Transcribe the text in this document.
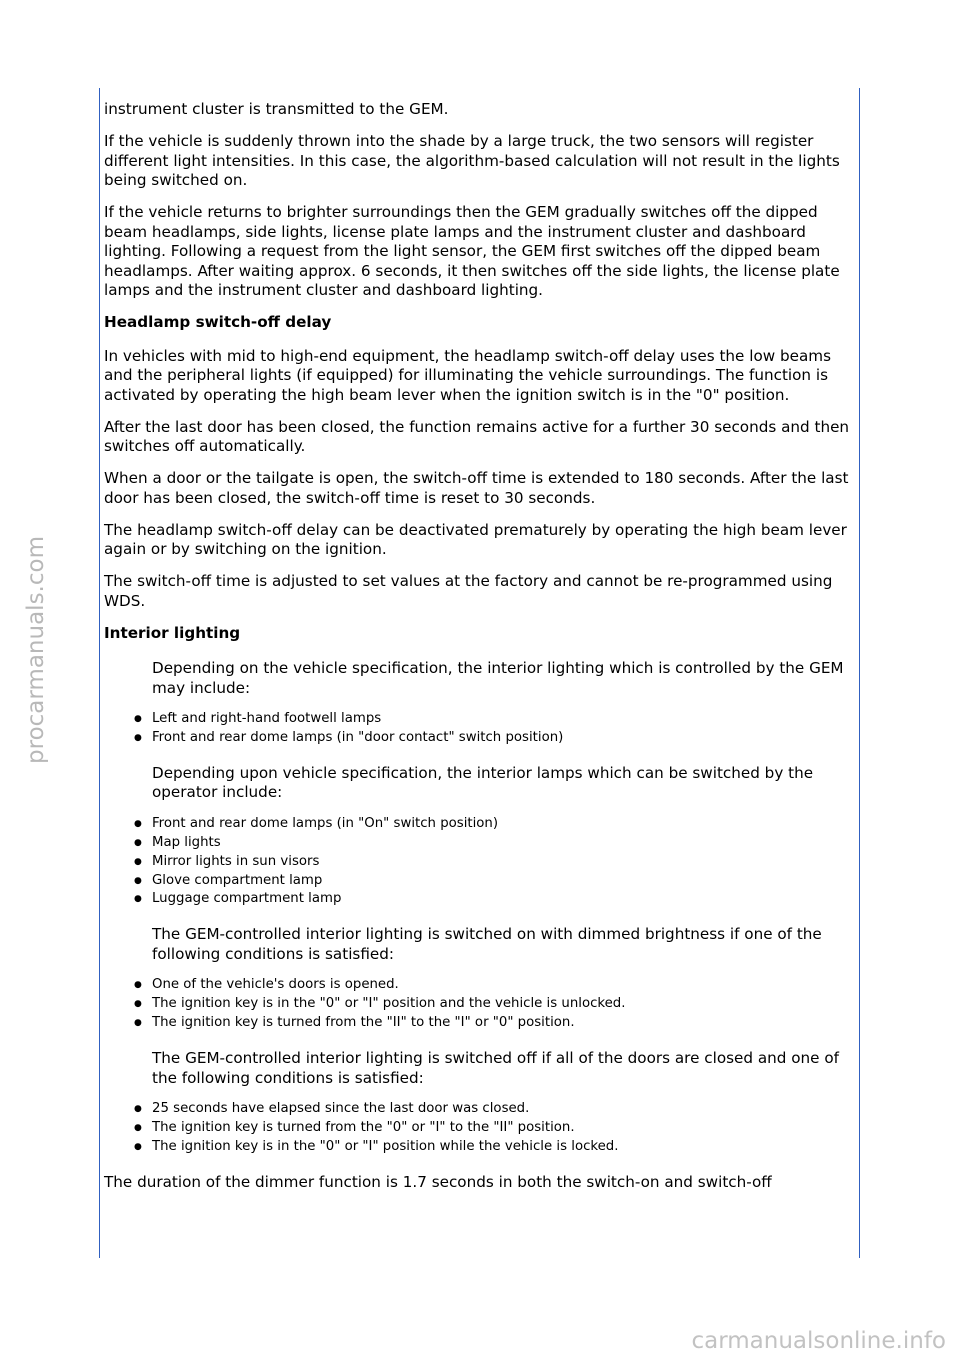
procarmanuals.com
carmanualsonline.info

instrument cluster is transmitted to the GEM.

If the vehicle is suddenly thrown into the shade by a large truck, the two sensors will register different light intensities. In this case, the algorithm-based calculation will not result in the lights being switched on.

If the vehicle returns to brighter surroundings then the GEM gradually switches off the dipped beam headlamps, side lights, license plate lamps and the instrument cluster and dashboard lighting. Following a request from the light sensor, the GEM first switches off the dipped beam headlamps. After waiting approx. 6 seconds, it then switches off the side lights, the license plate lamps and the instrument cluster and dashboard lighting.

Headlamp switch-off delay

In vehicles with mid to high-end equipment, the headlamp switch-off delay uses the low beams and the peripheral lights (if equipped) for illuminating the vehicle surroundings. The function is activated by operating the high beam lever when the ignition switch is in the "0" position.

After the last door has been closed, the function remains active for a further 30 seconds and then switches off automatically.

When a door or the tailgate is open, the switch-off time is extended to 180 seconds. After the last door has been closed, the switch-off time is reset to 30 seconds.

The headlamp switch-off delay can be deactivated prematurely by operating the high beam lever again or by switching on the ignition.

The switch-off time is adjusted to set values at the factory and cannot be re-programmed using WDS.

Interior lighting

Depending on the vehicle specification, the interior lighting which is controlled by the GEM may include:

● Left and right-hand footwell lamps
● Front and rear dome lamps (in "door contact" switch position)

Depending upon vehicle specification, the interior lamps which can be switched by the operator include:

● Front and rear dome lamps (in "On" switch position)
● Map lights
● Mirror lights in sun visors
● Glove compartment lamp
● Luggage compartment lamp

The GEM-controlled interior lighting is switched on with dimmed brightness if one of the following conditions is satisfied:

● One of the vehicle's doors is opened.
● The ignition key is in the "0" or "I" position and the vehicle is unlocked.
● The ignition key is turned from the "II" to the "I" or "0" position.

The GEM-controlled interior lighting is switched off if all of the doors are closed and one of the following conditions is satisfied:

● 25 seconds have elapsed since the last door was closed.
● The ignition key is turned from the "0" or "I" to the "II" position.
● The ignition key is in the "0" or "I" position while the vehicle is locked.

The duration of the dimmer function is 1.7 seconds in both the switch-on and switch-off
